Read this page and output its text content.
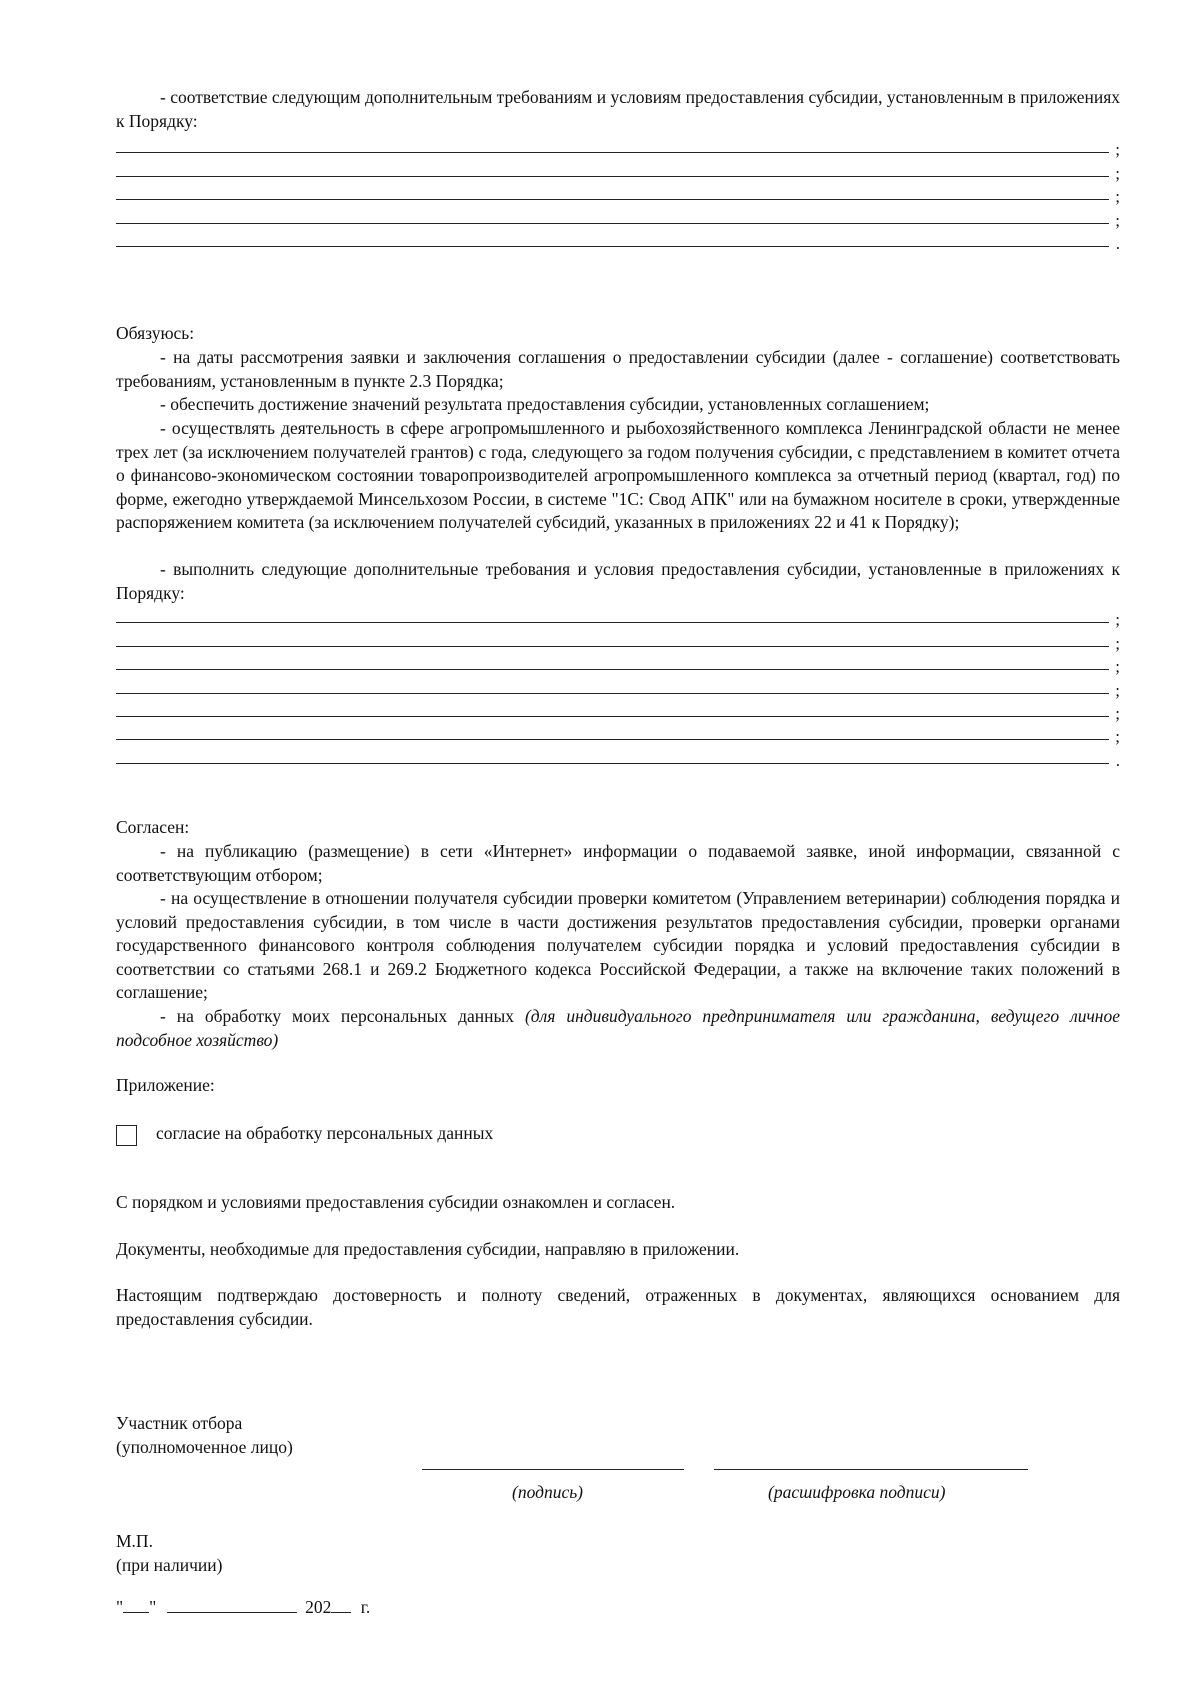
- соответствие следующим дополнительным требованиям и условиям предоставления субсидии, установленным в приложениях к Порядку:

;
;
;
;
.

Обязуюсь:

- на даты рассмотрения заявки и заключения соглашения о предоставлении субсидии (далее - соглашение) соответствовать требованиям, установленным в пункте 2.3 Порядка;

- обеспечить достижение значений результата предоставления субсидии, установленных соглашением;

- осуществлять деятельность в сфере агропромышленного и рыбохозяйственного комплекса Ленинградской области не менее трех лет (за исключением получателей грантов) с года, следующего за годом получения субсидии, с представлением в комитет отчета о финансово-экономическом состоянии товаропроизводителей агропромышленного комплекса за отчетный период (квартал, год) по форме, ежегодно утверждаемой Минсельхозом России, в системе "1С: Свод АПК" или на бумажном носителе в сроки, утвержденные распоряжением комитета (за исключением получателей субсидий, указанных в приложениях 22 и 41 к Порядку);

- выполнить следующие дополнительные требования и условия предоставления субсидии, установленные в приложениях к Порядку:

;
;
;
;
;
;
.

Согласен:

- на публикацию (размещение) в сети «Интернет» информации о подаваемой заявке, иной информации, связанной с соответствующим отбором;

- на осуществление в отношении получателя субсидии проверки комитетом (Управлением ветеринарии) соблюдения порядка и условий предоставления субсидии, в том числе в части достижения результатов предоставления субсидии, проверки органами государственного финансового контроля соблюдения получателем субсидии порядка и условий предоставления субсидии в соответствии со статьями 268.1 и 269.2 Бюджетного кодекса Российской Федерации, а также на включение таких положений в соглашение;

- на обработку моих персональных данных (для индивидуального предпринимателя или гражданина, ведущего личное подсобное хозяйство)

Приложение:

согласие на обработку персональных данных

С порядком и условиями предоставления субсидии ознакомлен и согласен.

Документы, необходимые для предоставления субсидии, направляю в приложении.

Настоящим подтверждаю достоверность и полноту сведений, отраженных в документах, являющихся основанием для предоставления субсидии.

Участник отбора
(уполномоченное лицо)
(подпись)	(расшифровка подписи)
М.П.
(при наличии)
" "	202 г.
